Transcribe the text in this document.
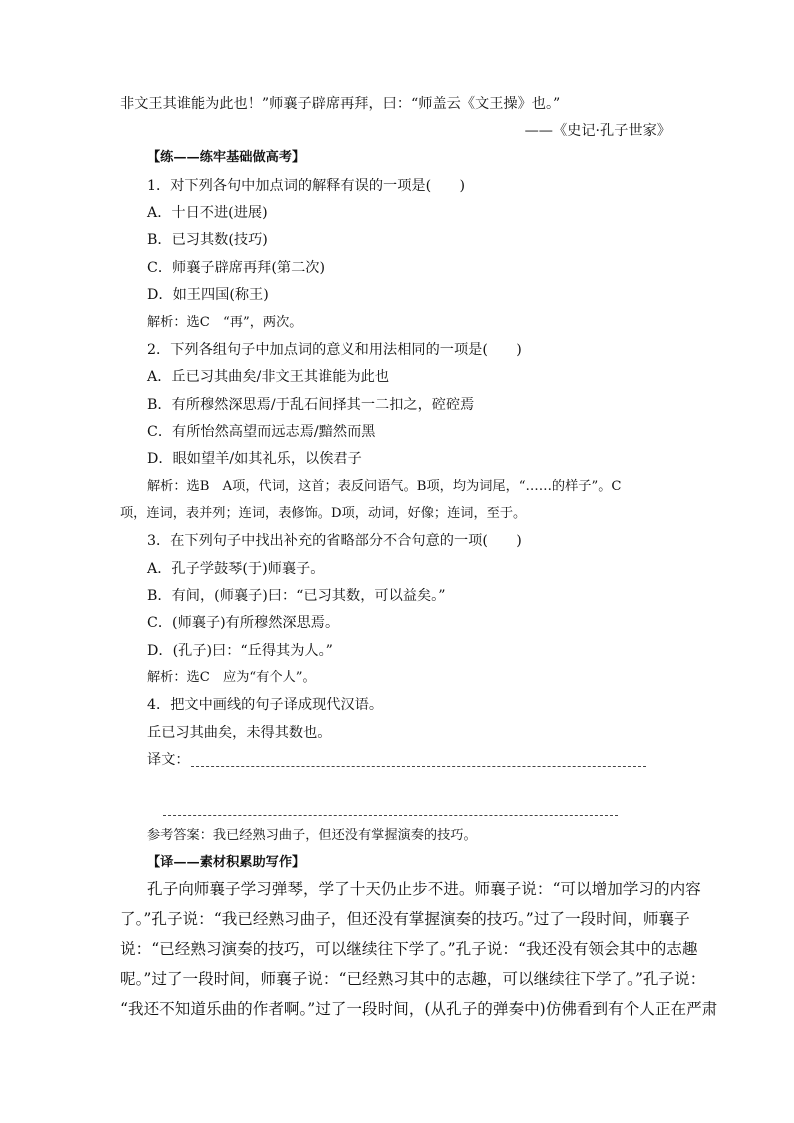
非文王其谁能为此也！”师襄子辟席再拜，曰：“师盖云《文王操》也。”
——《史记·孔子世家》
【练——练牢基础做高考】
1．对下列各句中加点词的解释有误的一项是(　　)
A．十日不进(进展)
B．已习其数(技巧)
C．师襄子辟席再拜(第二次)
D．如王四国(称王)
解析：选C　“再”，两次。
2．下列各组句子中加点词的意义和用法相同的一项是(　　)
A．丘已习其曲矣/非文王其谁能为此也
B．有所穆然深思焉/于乱石间择其一二扣之，硿硿焉
C．有所怡然高望而远志焉/黯然而黑
D．眼如望羊/如其礼乐，以俟君子
解析：选B　A项，代词，这首；表反问语气。B项，均为词尾，“……的样子”。C
项，连词，表并列；连词，表修饰。D项，动词，好像；连词，至于。
3．在下列句子中找出补充的省略部分不合句意的一项(　　)
A．孔子学鼓琴(于)师襄子。
B．有间，(师襄子)曰：“已习其数，可以益矣。”
C．(师襄子)有所穆然深思焉。
D．(孔子)曰：“丘得其为人。”
解析：选C　应为“有个人”。
4．把文中画线的句子译成现代汉语。
丘已习其曲矣，未得其数也。
译文：
参考答案：我已经熟习曲子，但还没有掌握演奏的技巧。
【译——素材积累助写作】
孔子向师襄子学习弹琴，学了十天仍止步不进。师襄子说：“可以增加学习的内容
了。”孔子说：“我已经熟习曲子，但还没有掌握演奏的技巧。”过了一段时间，师襄子
说：“已经熟习演奏的技巧，可以继续往下学了。”孔子说：“我还没有领会其中的志趣
呢。”过了一段时间，师襄子说：“已经熟习其中的志趣，可以继续往下学了。”孔子说：
“我还不知道乐曲的作者啊。”过了一段时间，(从孔子的弹奏中)仿佛看到有个人正在严肃
